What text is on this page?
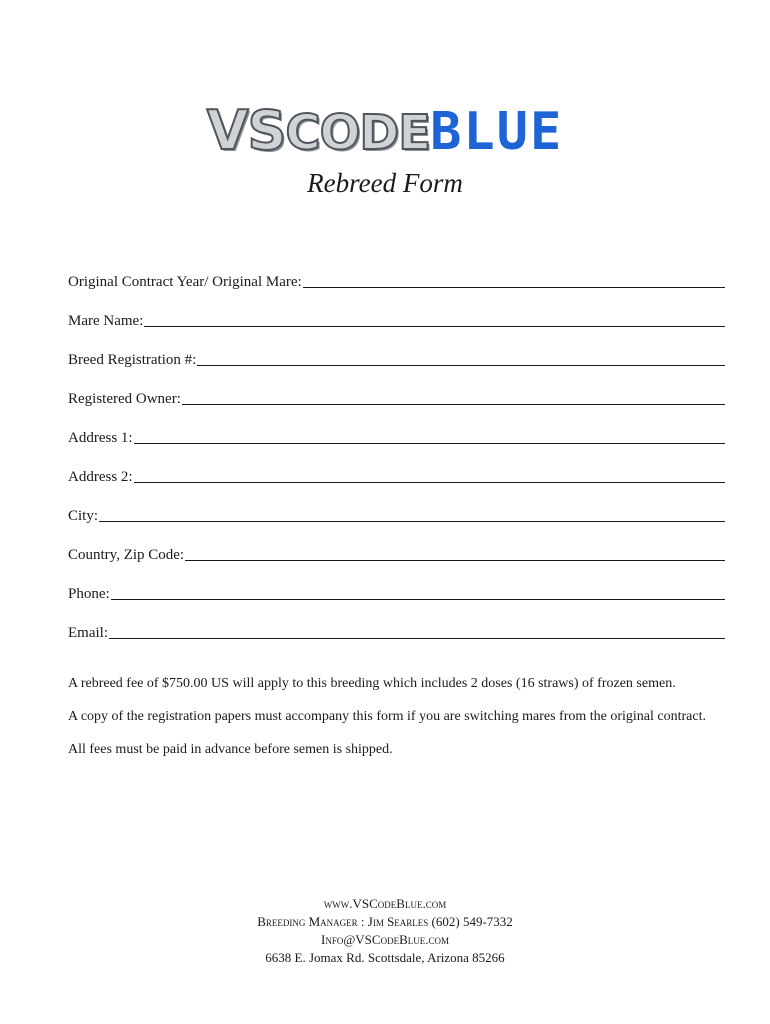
VSCODEBLUE
Rebreed Form
Original Contract Year/ Original Mare:
Mare Name:
Breed Registration #:
Registered Owner:
Address 1:
Address 2:
City:
Country, Zip Code:
Phone:
Email:

A rebreed fee of $750.00 US will apply to this breeding which includes 2 doses (16 straws) of frozen semen.

A copy of the registration papers must accompany this form if you are switching mares from the original contract.

All fees must be paid in advance before semen is shipped.

www.VSCodeBlue.com
Breeding Manager : Jim Searles (602) 549-7332
Info@VSCodeBlue.com
6638 E. Jomax Rd. Scottsdale, Arizona 85266
